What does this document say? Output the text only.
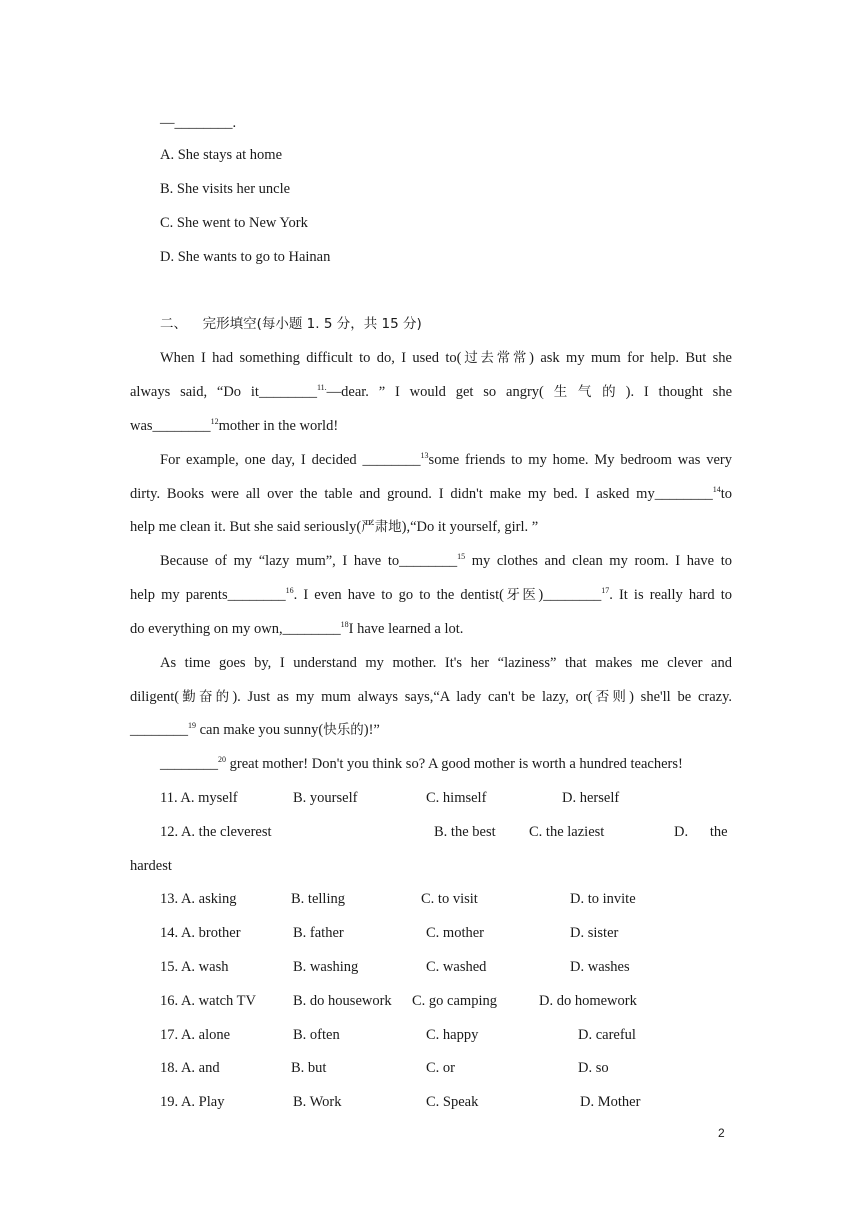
—________.
A. She stays at home
B. She visits her uncle
C. She went to New York
D. She wants to go to Hainan
二、 完形填空(每小题 1. 5 分，共 15 分)
When I had something difficult to do, I used to(过去常常) ask my mum for help. But she
always said, “Do it________$^{11.}$—dear. ” I would get so angry( 生 气 的 ). I thought she
was________$^{12}$mother in the world!
For example, one day, I decided ________$^{13}$some friends to my home. My bedroom was very
dirty. Books were all over the table and ground. I didn't make my bed. I asked my________$^{14}$to
help me clean it. But she said seriously(严肃地),“Do it yourself, girl. ”
Because of my “lazy mum”, I have to________$^{15}$ my clothes and clean my room. I have to
help my parents________$^{16}$. I even have to go to the dentist(牙医)________$^{17}$. It is really hard to
do everything on my own,________$^{18}$I have learned a lot.
As time goes by, I understand my mother. It's her “laziness” that makes me clever and
diligent(勤奋的). Just as my mum always says,“A lady can't be lazy, or(否则) she'll be crazy.
________$^{19}$ can make you sunny(快乐的)!”
________$^{20}$ great mother! Don't you think so? A good mother is worth a hundred teachers!
11. A. myself	B. yourself	C. himself	D. herself
12. A. the cleverest	B. the best C. the laziest	D.      the
hardest
13. A. asking	B. telling	C. to visit	D. to invite
14. A. brother	B. father	C. mother	D. sister
15. A. wash	B. washing	C. washed	D. washes
16. A. watch TV	B. do housework C. go camping	D. do homework
17. A. alone	B. often	C. happy	D. careful
18. A. and	B. but	C. or	D. so
19. A. Play	B. Work	C. Speak	D. Mother
2
